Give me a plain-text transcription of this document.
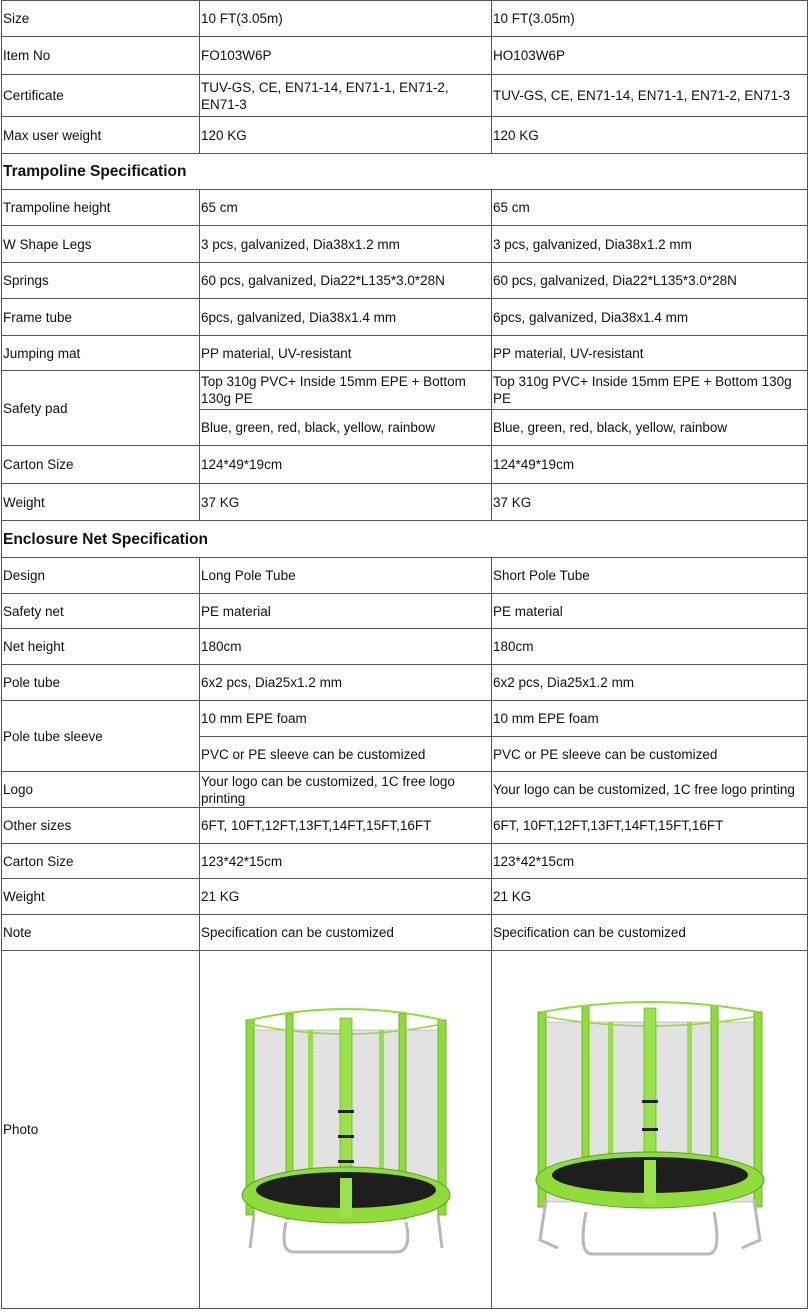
Size	10 FT(3.05m)	10 FT(3.05m)
Item No	FO103W6P	HO103W6P
Certificate	TUV-GS, CE, EN71-14, EN71-1, EN71-2, EN71-3	TUV-GS, CE, EN71-14, EN71-1, EN71-2, EN71-3
Max user weight	120 KG	120 KG
Trampoline Specification		
Trampoline height	65 cm	65 cm
W Shape Legs	3 pcs, galvanized, Dia38x1.2 mm	3 pcs, galvanized, Dia38x1.2 mm
Springs	60 pcs, galvanized, Dia22*L135*3.0*28N	60 pcs, galvanized, Dia22*L135*3.0*28N
Frame tube	6pcs, galvanized, Dia38x1.4 mm	6pcs, galvanized, Dia38x1.4 mm
Jumping mat	PP material, UV-resistant	PP material, UV-resistant
Safety pad	Top 310g PVC+ Inside 15mm EPE + Bottom 130g PE	Top 310g PVC+ Inside 15mm EPE + Bottom 130g PE
	Blue, green, red, black, yellow, rainbow	Blue, green, red, black, yellow, rainbow
Carton Size	124*49*19cm	124*49*19cm
Weight	37 KG	37 KG
Enclosure Net Specification		
Design	Long Pole Tube	Short Pole Tube
Safety net	PE material	PE material
Net height	180cm	180cm
Pole tube	6x2 pcs, Dia25x1.2 mm	6x2 pcs, Dia25x1.2 mm
Pole tube sleeve	10 mm EPE foam	10 mm EPE foam
	PVC or PE sleeve can be customized	PVC or PE sleeve can be customized
Logo	Your logo can be customized, 1C free logo printing	Your logo can be customized, 1C free logo printing
Other sizes	6FT, 10FT,12FT,13FT,14FT,15FT,16FT	6FT, 10FT,12FT,13FT,14FT,15FT,16FT
Carton Size	123*42*15cm	123*42*15cm
Weight	21 KG	21 KG
Note	Specification can be customized	Specification can be customized
Photo	
